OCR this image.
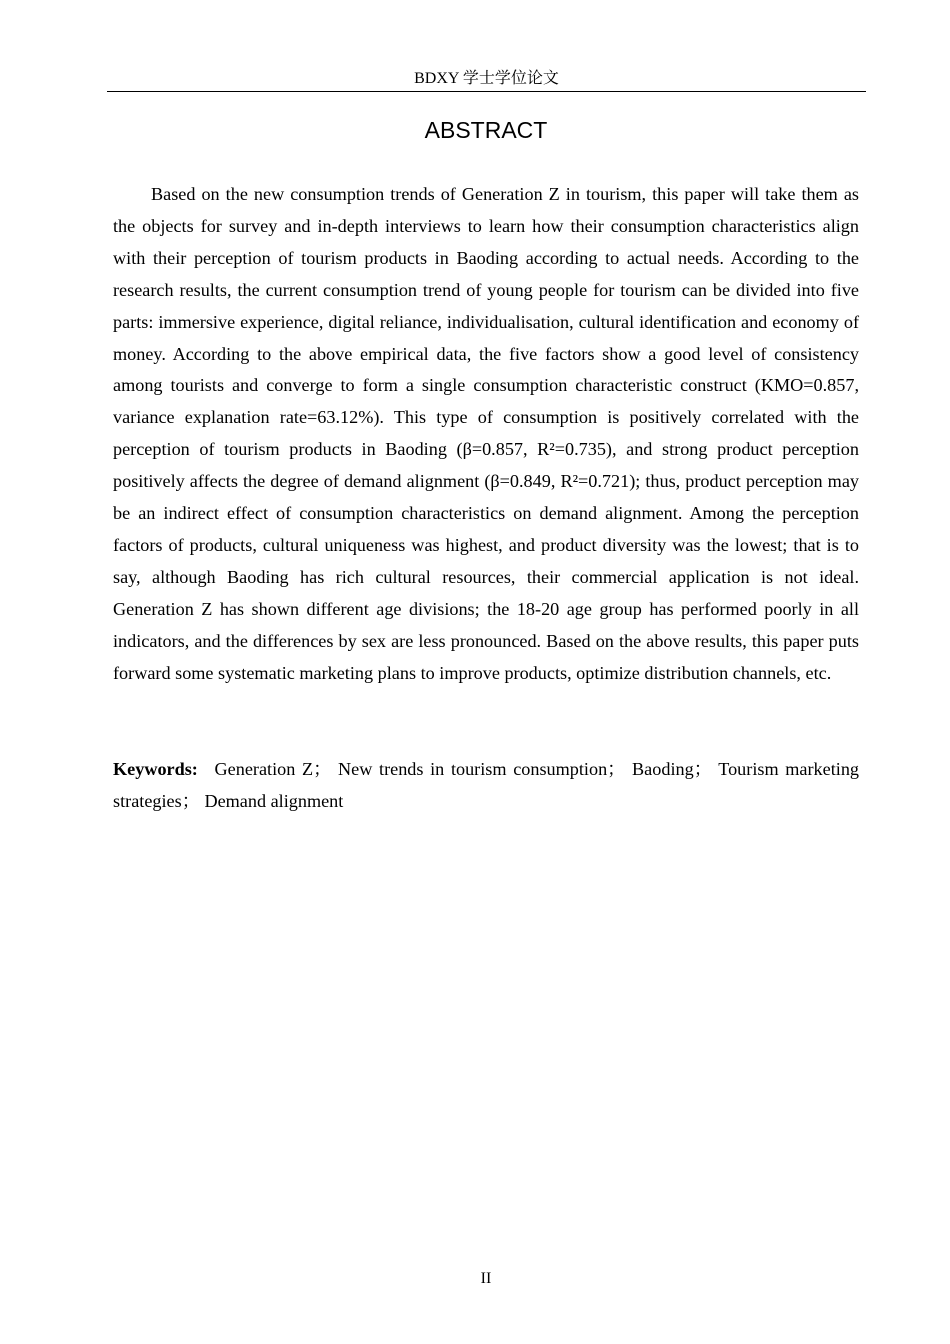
BDXY 学士学位论文
ABSTRACT

Based on the new consumption trends of Generation Z in tourism, this paper will take them as the objects for survey and in-depth interviews to learn how their consumption characteristics align with their perception of tourism products in Baoding according to actual needs. According to the research results, the current consumption trend of young people for tourism can be divided into five parts: immersive experience, digital reliance, individualisation, cultural identification and economy of money. According to the above empirical data, the five factors show a good level of consistency among tourists and converge to form a single consumption characteristic construct (KMO=0.857, variance explanation rate=63.12%). This type of consumption is positively correlated with the perception of tourism products in Baoding (β=0.857, R²=0.735), and strong product perception positively affects the degree of demand alignment (β=0.849, R²=0.721); thus, product perception may be an indirect effect of consumption characteristics on demand alignment. Among the perception factors of products, cultural uniqueness was highest, and product diversity was the lowest; that is to say, although Baoding has rich cultural resources, their commercial application is not ideal. Generation Z has shown different age divisions; the 18-20 age group has performed poorly in all indicators, and the differences by sex are less pronounced. Based on the above results, this paper puts forward some systematic marketing plans to improve products, optimize distribution channels, etc.

Keywords: Generation Z； New trends in tourism consumption； Baoding； Tourism marketing strategies； Demand alignment

II
